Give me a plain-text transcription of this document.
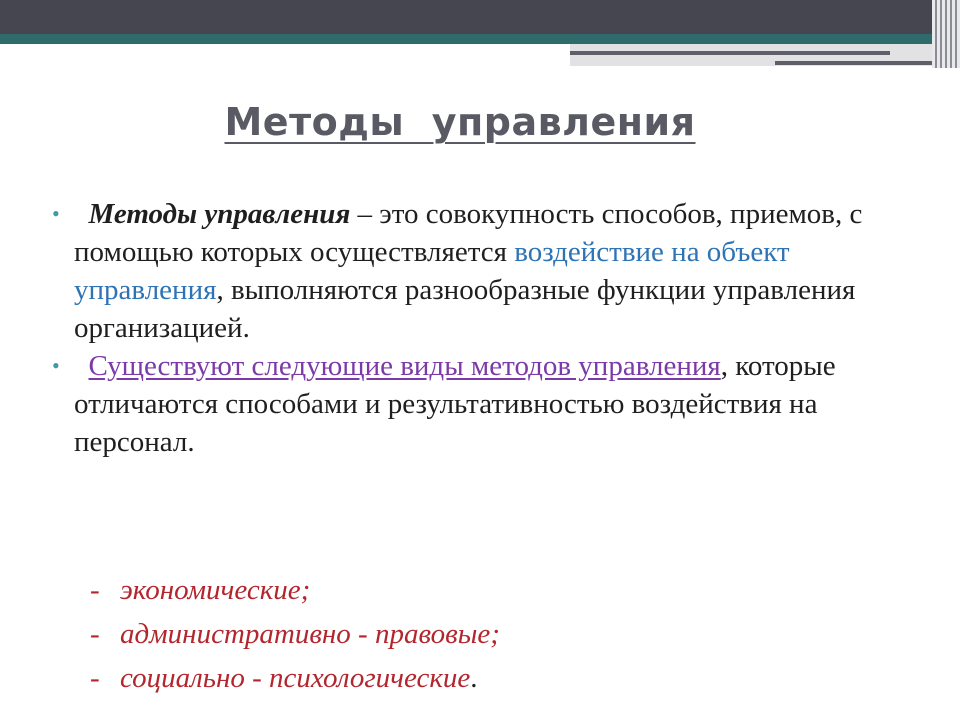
Методы  управления
• Методы управления – это совокупность способов, приемов, с помощью которых осуществляется воздействие на объект управления, выполняются разнообразные функции управления организацией.
• Существуют следующие виды методов управления, которые отличаются способами и результативностью воздействия на персонал.
- экономические;
- административно - правовые;
- социально - психологические.
